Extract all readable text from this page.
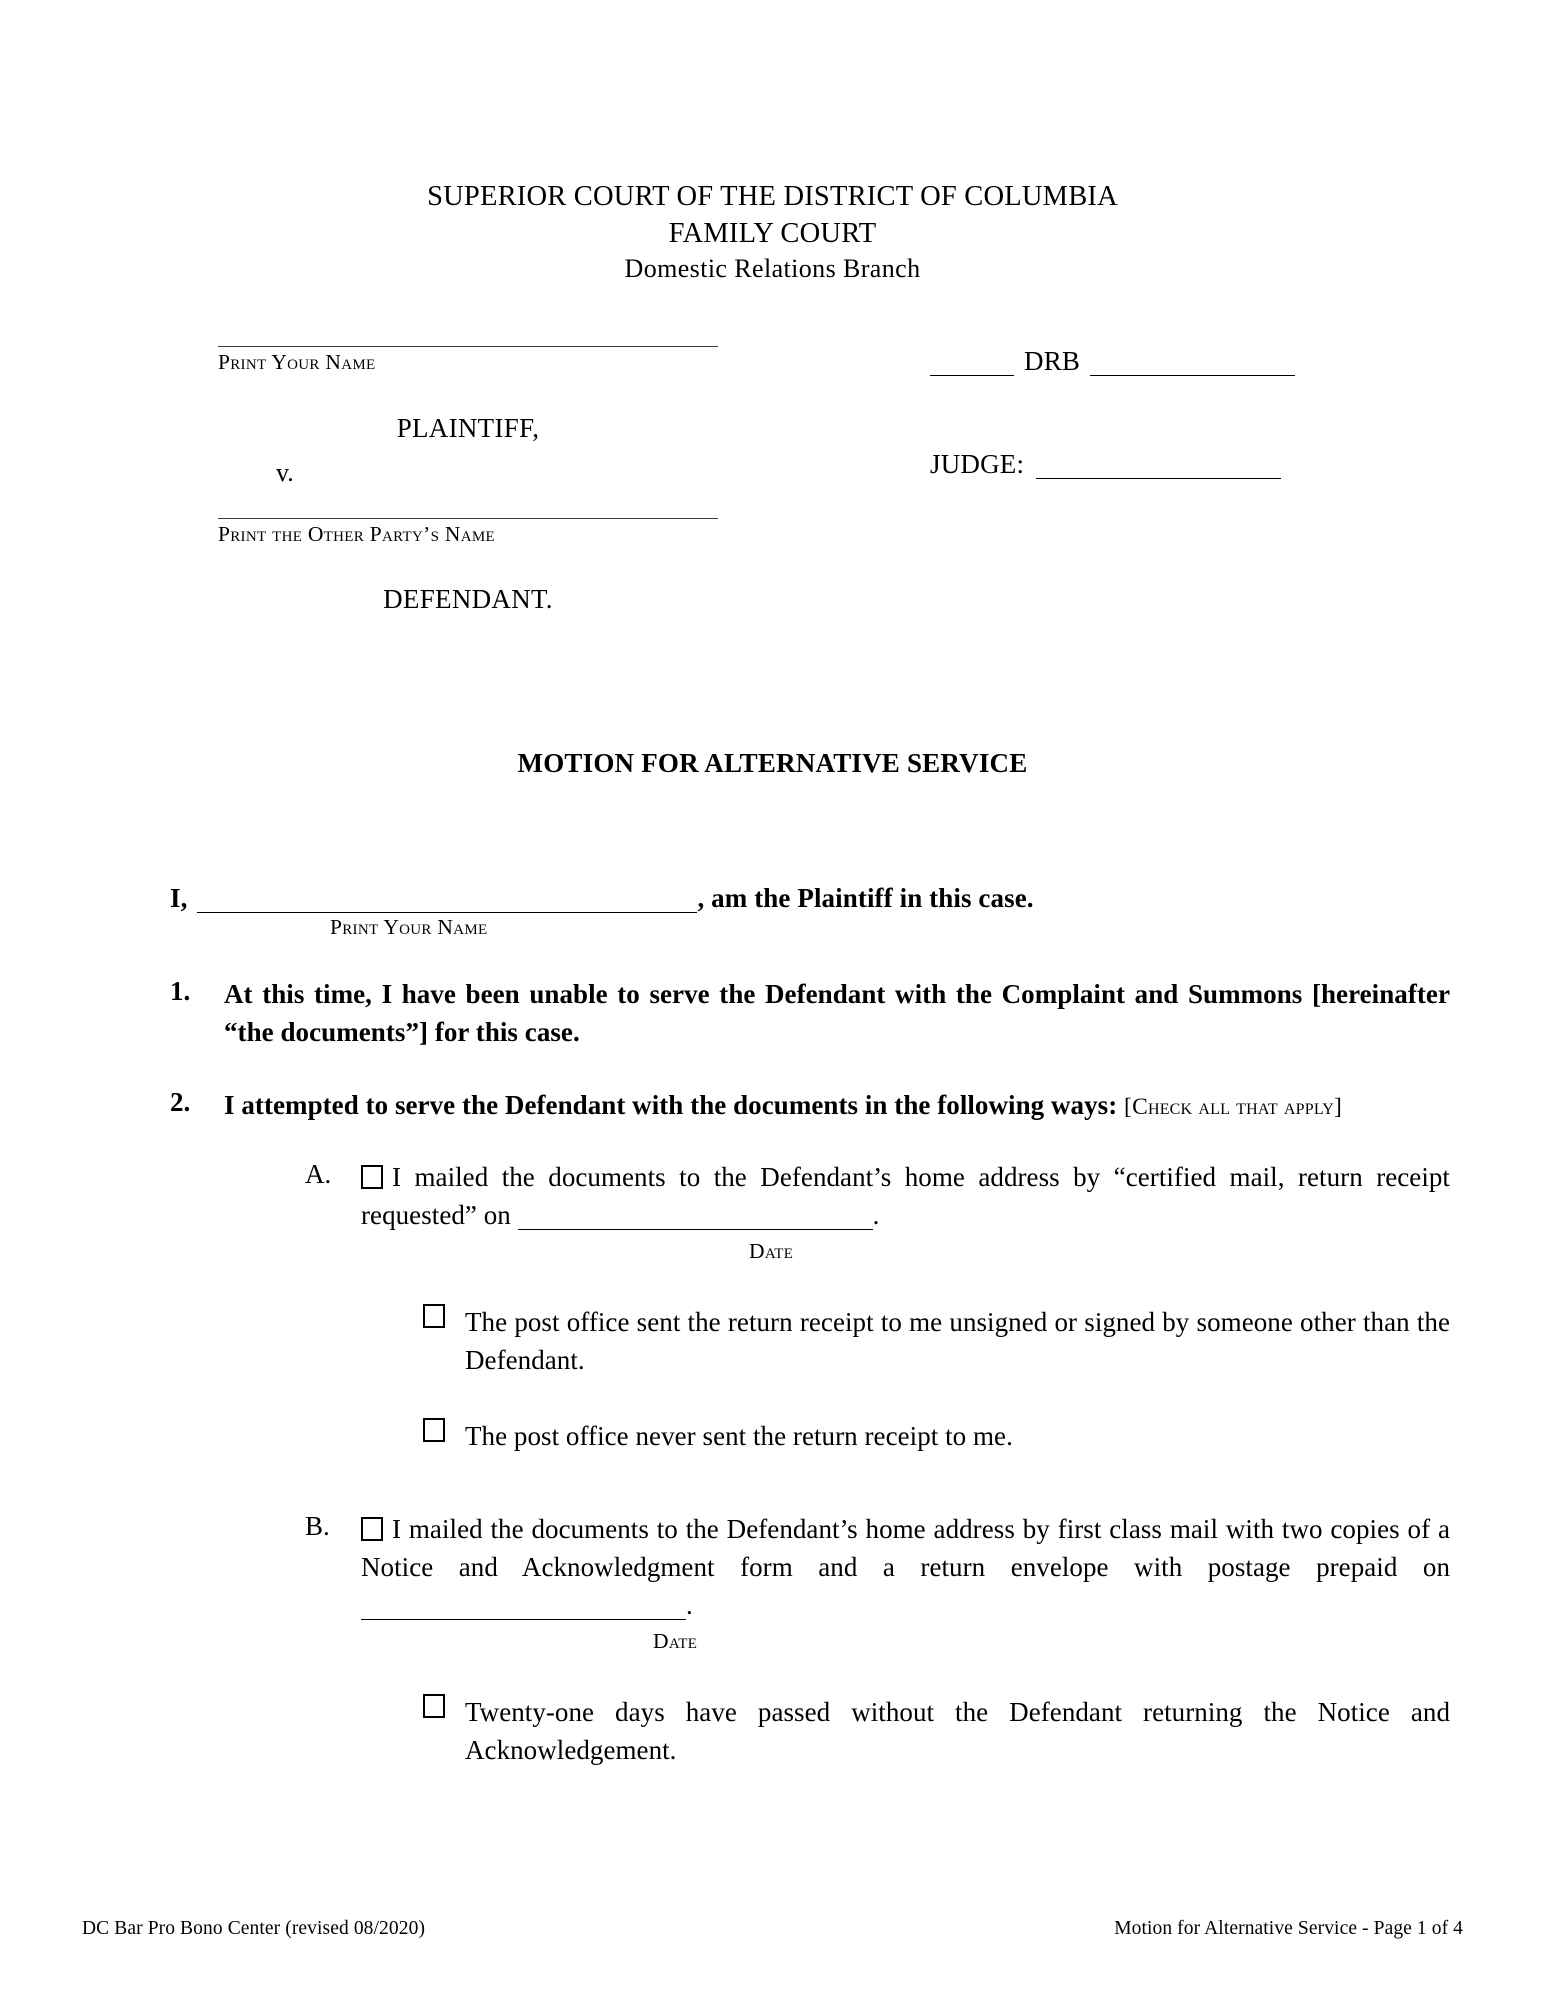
SUPERIOR COURT OF THE DISTRICT OF COLUMBIA
FAMILY COURT
Domestic Relations Branch
Print Your Name
PLAINTIFF,
v.
Print the Other Party’s Name
DEFENDANT.
DRB
JUDGE:
MOTION FOR ALTERNATIVE SERVICE
I,	, am the Plaintiff in this case.
Print Your Name
1.	At this time, I have been unable to serve the Defendant with the Complaint and Summons [hereinafter “the documents”] for this case.
2.	I attempted to serve the Defendant with the documents in the following ways: [Check all that apply]
A.	I mailed the documents to the Defendant’s home address by “certified mail, return receipt requested” on	.
Date
The post office sent the return receipt to me unsigned or signed by someone other than the Defendant.
The post office never sent the return receipt to me.
B.	I mailed the documents to the Defendant’s home address by first class mail with two copies of a Notice and Acknowledgment form and a return envelope with postage prepaid on .
Date
Twenty-one days have passed without the Defendant returning the Notice and Acknowledgement.
DC Bar Pro Bono Center (revised 08/2020)	Motion for Alternative Service - Page 1 of 4
